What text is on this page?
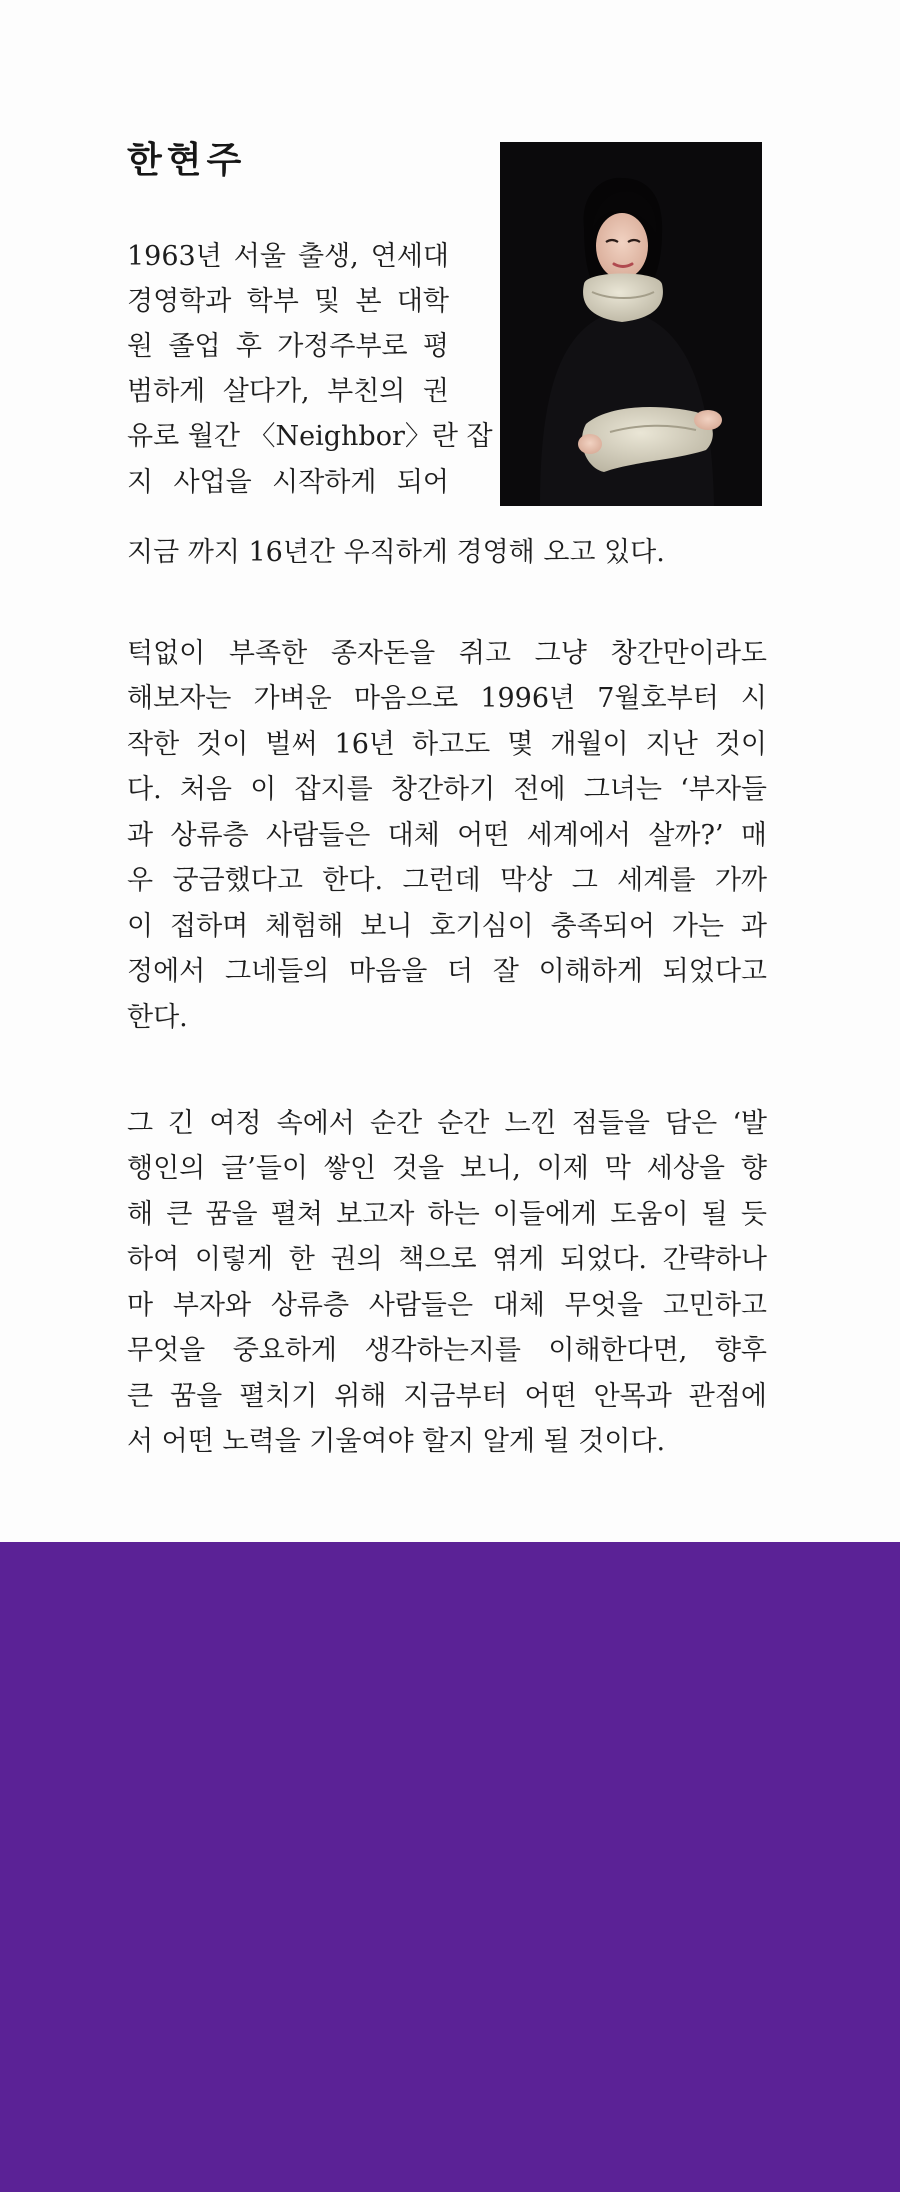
한현주

1963년 서울 출생, 연세대

경영학과 학부 및 본 대학

원 졸업 후 가정주부로 평

범하게 살다가, 부친의 권

유로 월간 〈Neighbor〉란 잡

지 사업을 시작하게 되어

지금 까지 16년간 우직하게 경영해 오고 있다.

턱없이 부족한 종자돈을 쥐고 그냥 창간만이라도

해보자는 가벼운 마음으로 1996년 7월호부터 시

작한 것이 벌써 16년 하고도 몇 개월이 지난 것이

다. 처음 이 잡지를 창간하기 전에 그녀는 ‘부자들

과 상류층 사람들은 대체 어떤 세계에서 살까?’ 매

우 궁금했다고 한다. 그런데 막상 그 세계를 가까

이 접하며 체험해 보니 호기심이 충족되어 가는 과

정에서 그네들의 마음을 더 잘 이해하게 되었다고

한다.

그 긴 여정 속에서 순간 순간 느낀 점들을 담은 ‘발

행인의 글’들이 쌓인 것을 보니, 이제 막 세상을 향

해 큰 꿈을 펼쳐 보고자 하는 이들에게 도움이 될 듯

하여 이렇게 한 권의 책으로 엮게 되었다. 간략하나

마 부자와 상류층 사람들은 대체 무엇을 고민하고

무엇을 중요하게 생각하는지를 이해한다면, 향후

큰 꿈을 펼치기 위해 지금부터 어떤 안목과 관점에

서 어떤 노력을 기울여야 할지 알게 될 것이다.
